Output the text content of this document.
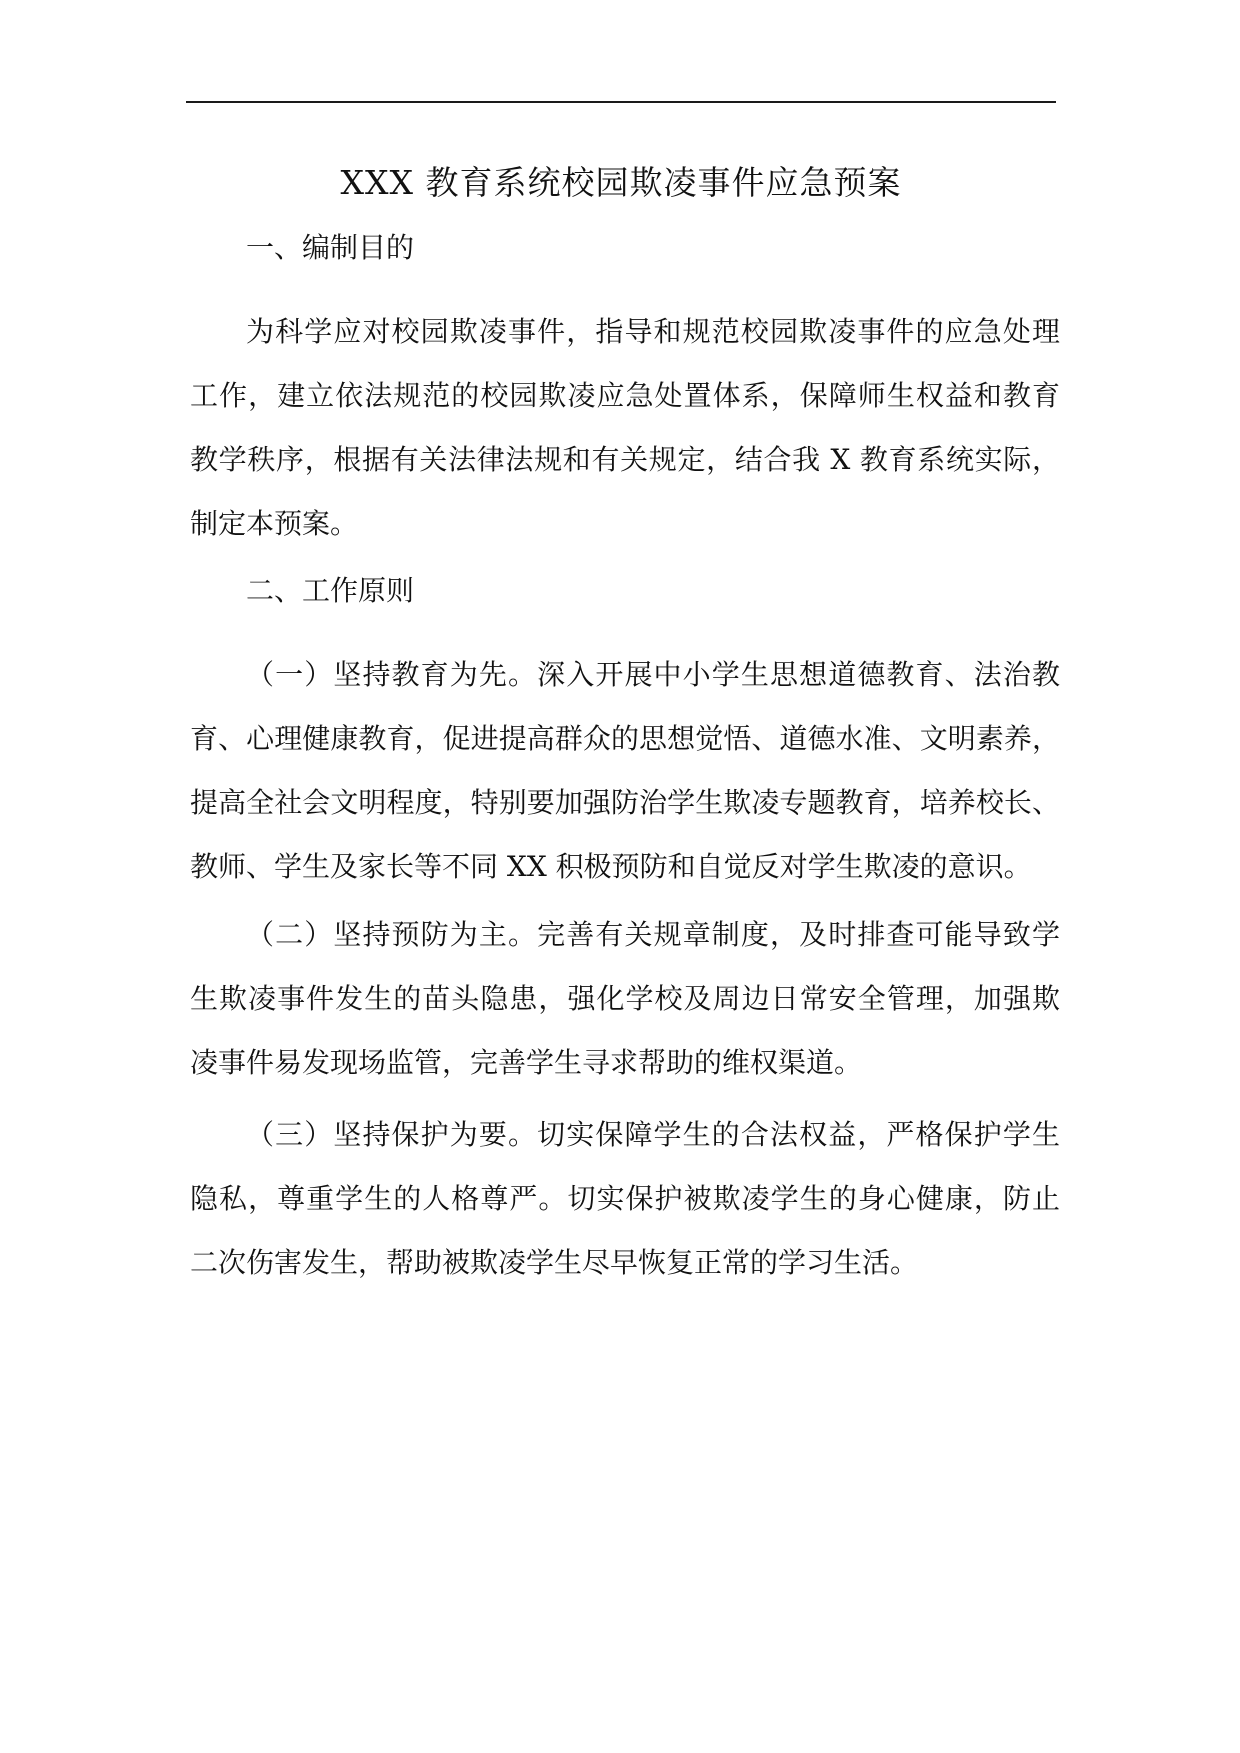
XXX 教育系统校园欺凌事件应急预案
一、编制目的
为科学应对校园欺凌事件，指导和规范校园欺凌事件的应急处理
工作，建立依法规范的校园欺凌应急处置体系，保障师生权益和教育
教学秩序，根据有关法律法规和有关规定，结合我 X 教育系统实际，
制定本预案。
二、工作原则
（一）坚持教育为先。深入开展中小学生思想道德教育、法治教
育、心理健康教育，促进提高群众的思想觉悟、道德水准、文明素养，
提高全社会文明程度，特别要加强防治学生欺凌专题教育，培养校长、
教师、学生及家长等不同 XX 积极预防和自觉反对学生欺凌的意识。
（二）坚持预防为主。完善有关规章制度，及时排查可能导致学
生欺凌事件发生的苗头隐患，强化学校及周边日常安全管理，加强欺
凌事件易发现场监管，完善学生寻求帮助的维权渠道。
（三）坚持保护为要。切实保障学生的合法权益，严格保护学生
隐私，尊重学生的人格尊严。切实保护被欺凌学生的身心健康，防止
二次伤害发生，帮助被欺凌学生尽早恢复正常的学习生活。
